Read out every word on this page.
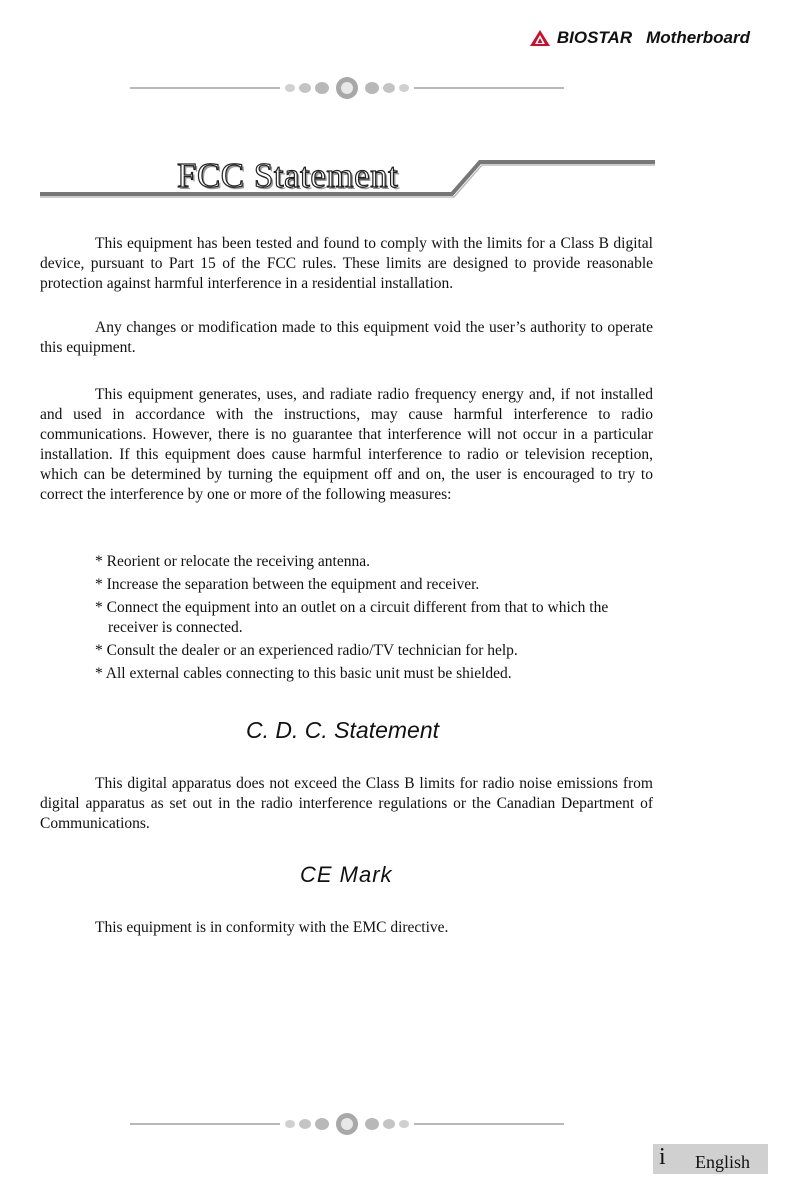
BIOSTAR Motherboard
FCC Statement

This equipment has been tested and found to comply with the limits for a Class B digital device, pursuant to Part 15 of the FCC rules. These limits are designed to provide reasonable protection against harmful interference in a residential installation.

Any changes or modification made to this equipment void the user’s authority to operate this equipment.

This equipment generates, uses, and radiate radio frequency energy and, if not installed and used in accordance with the instructions, may cause harmful interference to radio communications. However, there is no guarantee that interference will not occur in a particular installation. If this equipment does cause harmful interference to radio or television reception, which can be determined by turning the equipment off and on, the user is encouraged to try to correct the interference by one or more of the following measures:

* Reorient or relocate the receiving antenna.
* Increase the separation between the equipment and receiver.
* Connect the equipment into an outlet on a circuit different from that to which the receiver is connected.
* Consult the dealer or an experienced radio/TV technician for help.
* All external cables connecting to this basic unit must be shielded.
C. D. C. Statement

This digital apparatus does not exceed the Class B limits for radio noise emissions from digital apparatus as set out in the radio interference regulations or the Canadian Department of Communications.

CE Mark
This equipment is in conformity with the EMC directive.
i English
